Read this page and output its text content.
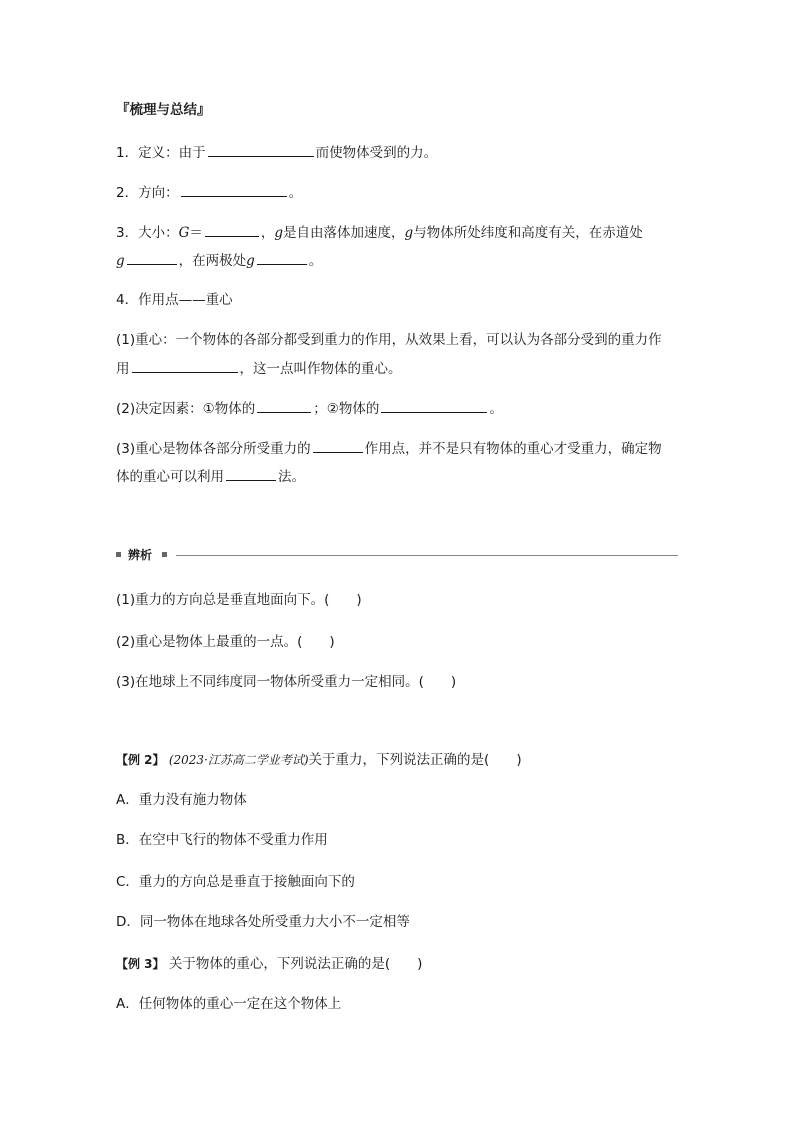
『梳理与总结』
1．定义：由于	而使物体受到的力。
2．方向：	。
3．大小：G＝	，g是自由落体加速度，g与物体所处纬度和高度有关，在赤道处
g	，在两极处g	。
4．作用点——重心
(1)重心：一个物体的各部分都受到重力的作用，从效果上看，可以认为各部分受到的重力作
用	，这一点叫作物体的重心。
(2)决定因素：①物体的	；②物体的	。
(3)重心是物体各部分所受重力的	作用点，并不是只有物体的重心才受重力，确定物
体的重心可以利用	法。
辨析
(1)重力的方向总是垂直地面向下。(　　)
(2)重心是物体上最重的一点。(　　)
(3)在地球上不同纬度同一物体所受重力一定相同。(　　)
【例 2】 (2023·江苏高二学业考试)关于重力，下列说法正确的是(　　)
A．重力没有施力物体
B．在空中飞行的物体不受重力作用
C．重力的方向总是垂直于接触面向下的
D．同一物体在地球各处所受重力大小不一定相等
【例 3】 关于物体的重心，下列说法正确的是(　　)
A．任何物体的重心一定在这个物体上
